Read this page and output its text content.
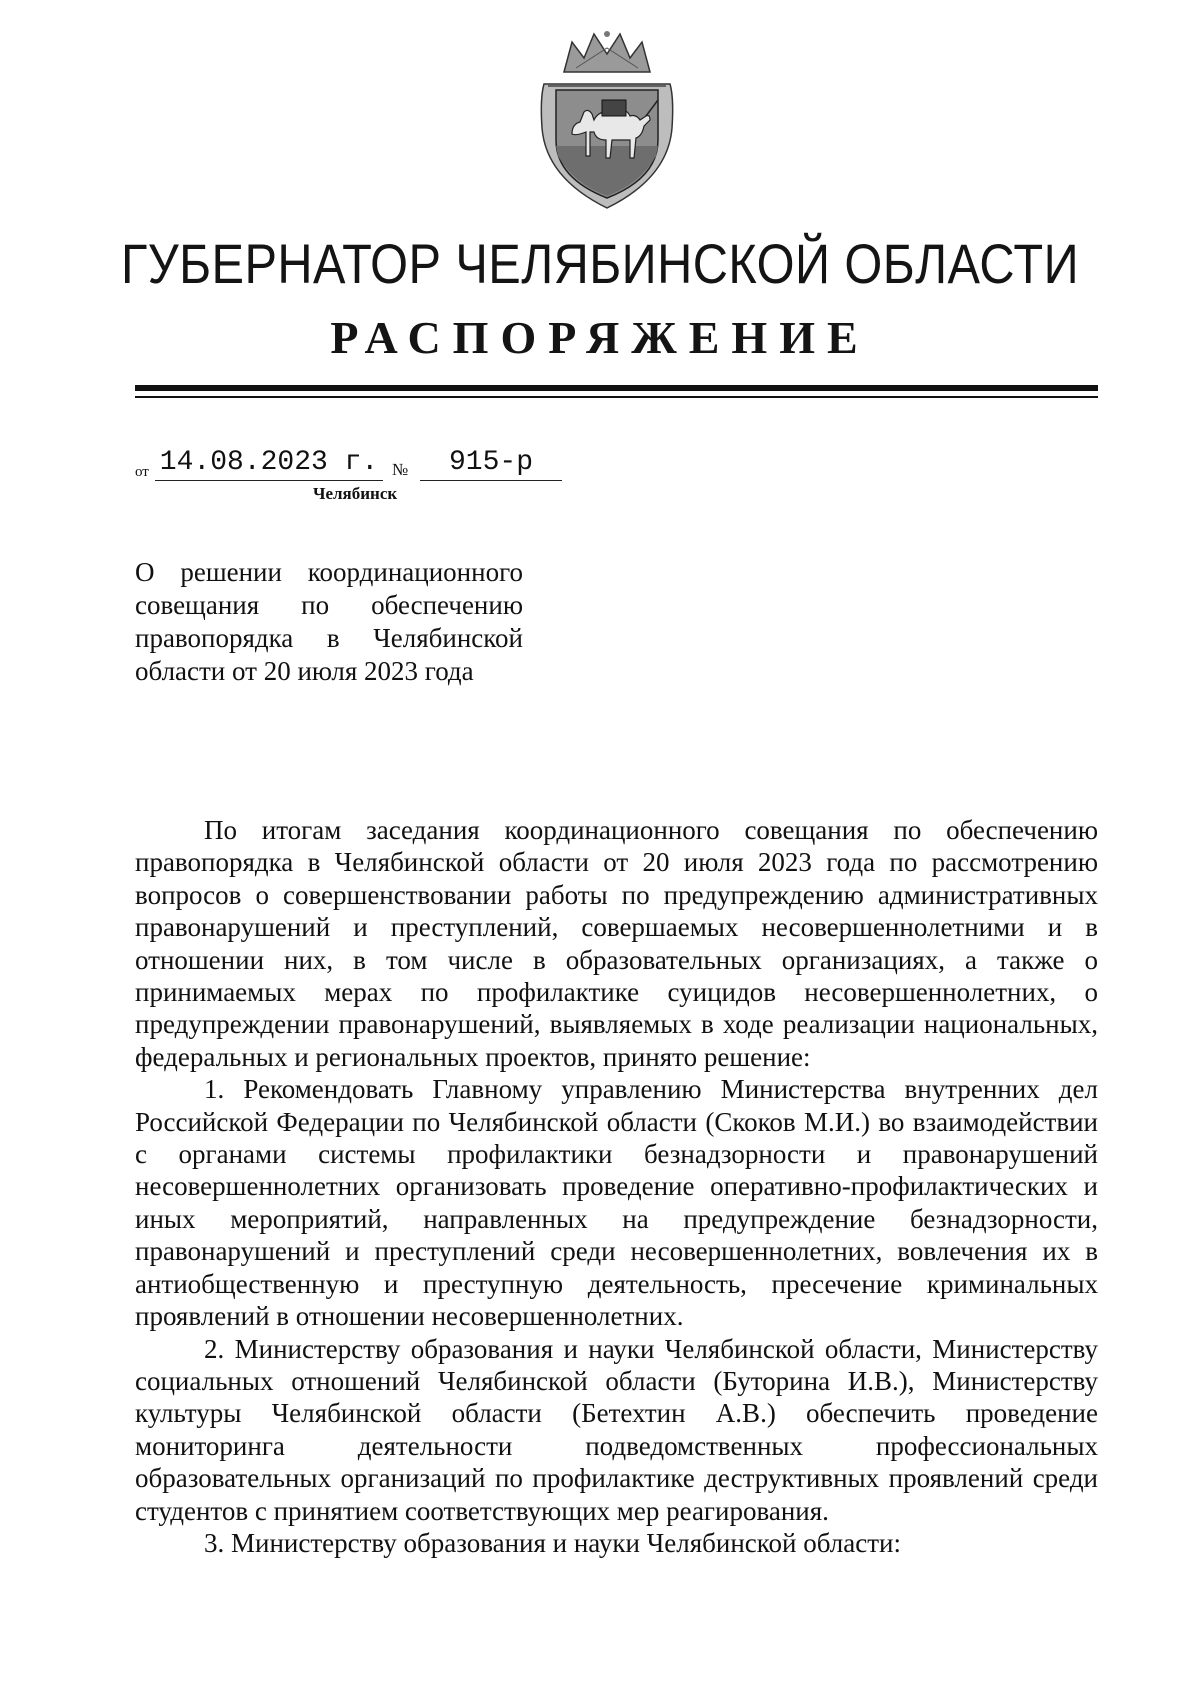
ГУБЕРНАТОР ЧЕЛЯБИНСКОЙ ОБЛАСТИ
РАСПОРЯЖЕНИЕ
от 14.08.2023 г. №	915-р
Челябинск
О решении координационного совещания по обеспечению правопорядка в Челябинской области от 20 июля 2023 года

По итогам заседания координационного совещания по обеспечению правопорядка в Челябинской области от 20 июля 2023 года по рассмотрению вопросов о совершенствовании работы по предупреждению административных правонарушений и преступлений, совершаемых несовершеннолетними и в отношении них, в том числе в образовательных организациях, а также о принимаемых мерах по профилактике суицидов несовершеннолетних, о предупреждении правонарушений, выявляемых в ходе реализации национальных, федеральных и региональных проектов, принято решение:

1. Рекомендовать Главному управлению Министерства внутренних дел Российской Федерации по Челябинской области (Скоков М.И.) во взаимодействии с органами системы профилактики безнадзорности и правонарушений несовершеннолетних организовать проведение оперативно-профилактических и иных мероприятий, направленных на предупреждение безнадзорности, правонарушений и преступлений среди несовершеннолетних, вовлечения их в антиобщественную и преступную деятельность, пресечение криминальных проявлений в отношении несовершеннолетних.

2. Министерству образования и науки Челябинской области, Министерству социальных отношений Челябинской области (Буторина И.В.), Министерству культуры Челябинской области (Бетехтин А.В.) обеспечить проведение мониторинга деятельности подведомственных профессиональных образовательных организаций по профилактике деструктивных проявлений среди студентов с принятием соответствующих мер реагирования.

3. Министерству образования и науки Челябинской области:
